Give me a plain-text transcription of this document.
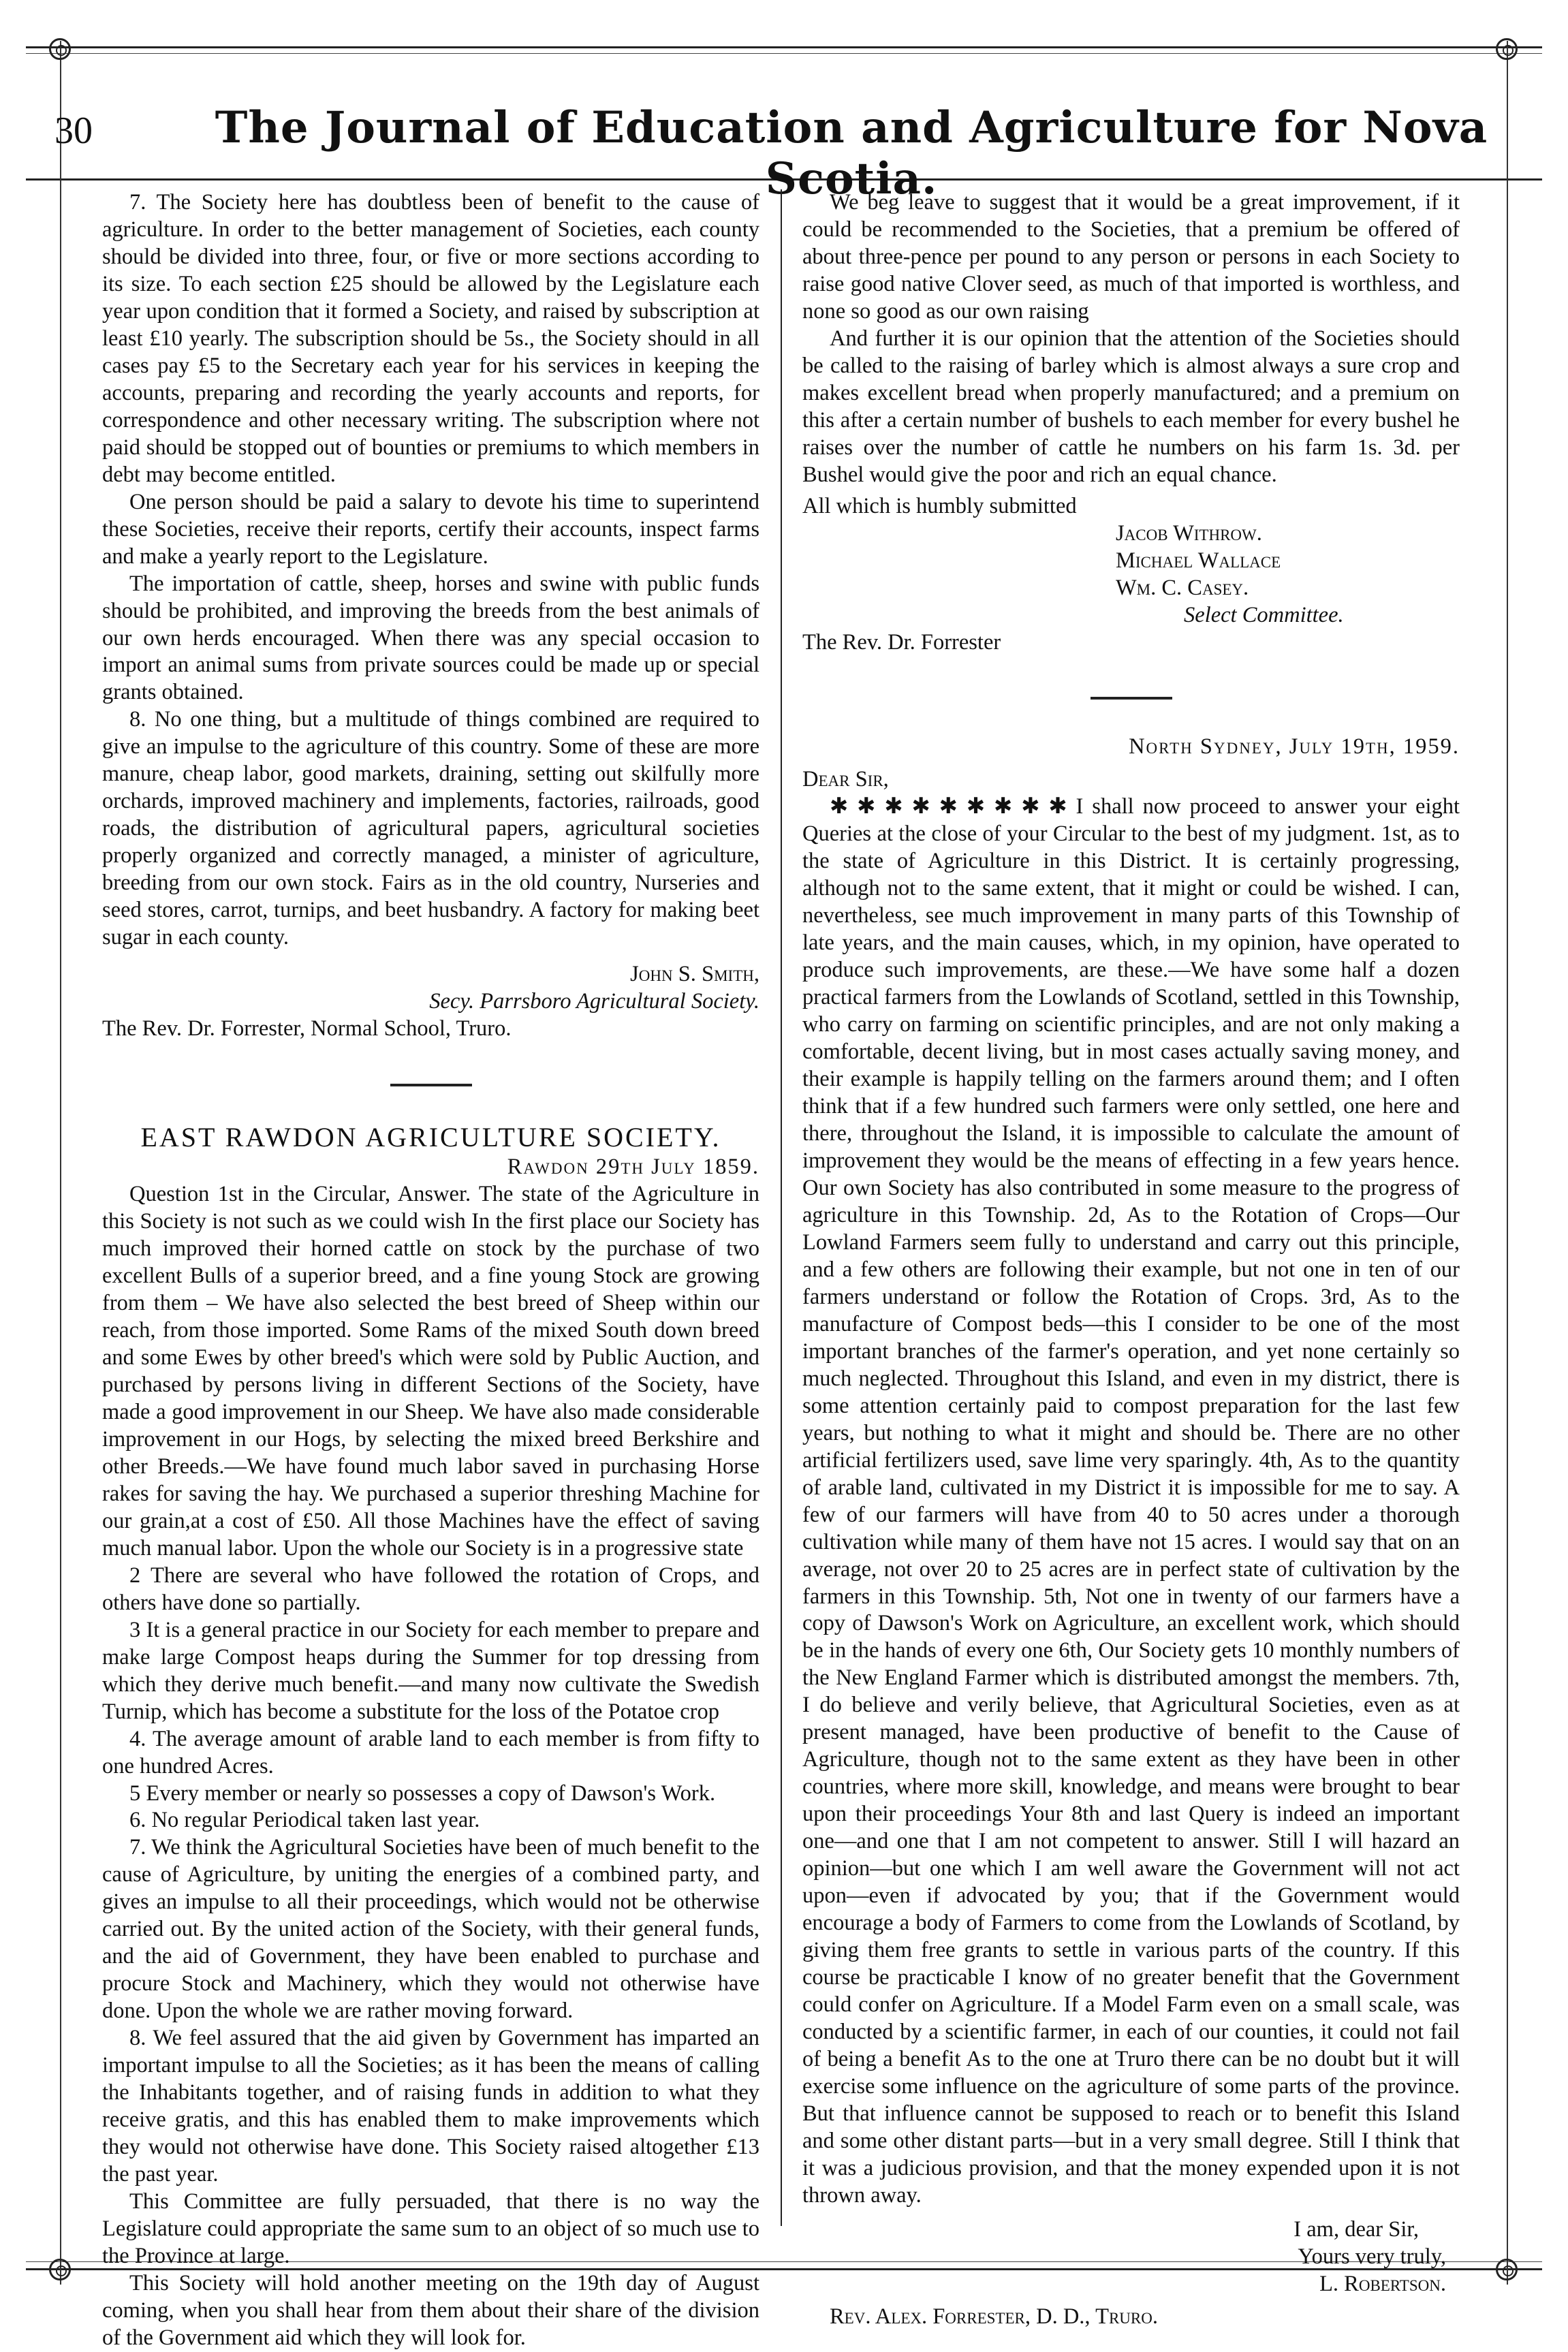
30	The Journal of Education and Agriculture for Nova Scotia.

7. The Society here has doubtless been of benefit to the cause of agriculture. In order to the better management of Societies, each county should be divided into three, four, or five or more sections according to its size. To each section £25 should be allowed by the Legislature each year upon condition that it formed a Society, and raised by subscription at least £10 yearly. The subscription should be 5s., the Society should in all cases pay £5 to the Secretary each year for his services in keeping the accounts, preparing and recording the yearly accounts and reports, for correspondence and other necessary writing. The subscription where not paid should be stopped out of bounties or premiums to which members in debt may become entitled.

One person should be paid a salary to devote his time to superintend these Societies, receive their reports, certify their accounts, inspect farms and make a yearly report to the Legislature.

The importation of cattle, sheep, horses and swine with public funds should be prohibited, and improving the breeds from the best animals of our own herds encouraged. When there was any special occasion to import an animal sums from private sources could be made up or special grants obtained.

8. No one thing, but a multitude of things combined are required to give an impulse to the agriculture of this country. Some of these are more manure, cheap labor, good markets, draining, setting out skilfully more orchards, improved machinery and implements, factories, railroads, good roads, the distribution of agricultural papers, agricultural societies properly organized and correctly managed, a minister of agriculture, breeding from our own stock. Fairs as in the old country, Nurseries and seed stores, carrot, turnips, and beet husbandry. A factory for making beet sugar in each county.

John S. Smith,

Secy. Parrsboro Agricultural Society.

The Rev. Dr. Forrester, Normal School, Truro.

EAST RAWDON AGRICULTURE SOCIETY.

Rawdon 29th July 1859.

Question 1st in the Circular, Answer. The state of the Agriculture in this Society is not such as we could wish In the first place our Society has much improved their horned cattle on stock by the purchase of two excellent Bulls of a superior breed, and a fine young Stock are growing from them – We have also selected the best breed of Sheep within our reach, from those imported. Some Rams of the mixed South down breed and some Ewes by other breed's which were sold by Public Auction, and purchased by persons living in different Sections of the Society, have made a good improvement in our Sheep. We have also made considerable improvement in our Hogs, by selecting the mixed breed Berkshire and other Breeds.—We have found much labor saved in purchasing Horse rakes for saving the hay. We purchased a superior threshing Machine for our grain,at a cost of £50. All those Machines have the effect of saving much manual labor. Upon the whole our Society is in a progressive state

2 There are several who have followed the rotation of Crops, and others have done so partially.

3 It is a general practice in our Society for each member to prepare and make large Compost heaps during the Summer for top dressing from which they derive much benefit.—and many now cultivate the Swedish Turnip, which has become a substitute for the loss of the Potatoe crop

4. The average amount of arable land to each member is from fifty to one hundred Acres.

5 Every member or nearly so possesses a copy of Dawson's Work.

6. No regular Periodical taken last year.

7. We think the Agricultural Societies have been of much benefit to the cause of Agriculture, by uniting the energies of a combined party, and gives an impulse to all their proceedings, which would not be otherwise carried out. By the united action of the Society, with their general funds, and the aid of Government, they have been enabled to purchase and procure Stock and Machinery, which they would not otherwise have done. Upon the whole we are rather moving forward.

8. We feel assured that the aid given by Government has imparted an important impulse to all the Societies; as it has been the means of calling the Inhabitants together, and of raising funds in addition to what they receive gratis, and this has enabled them to make improvements which they would not otherwise have done. This Society raised altogether £13 the past year.

This Committee are fully persuaded, that there is no way the Legislature could appropriate the same sum to an object of so much use to the Province at large.

This Society will hold another meeting on the 19th day of August coming, when you shall hear from them about their share of the division of the Government aid which they will look for.

We beg leave to suggest that it would be a great improvement, if it could be recommended to the Societies, that a premium be offered of about three-pence per pound to any person or persons in each Society to raise good native Clover seed, as much of that imported is worthless, and none so good as our own raising

And further it is our opinion that the attention of the Societies should be called to the raising of barley which is almost always a sure crop and makes excellent bread when properly manufactured; and a premium on this after a certain number of bushels to each member for every bushel he raises over the number of cattle he numbers on his farm 1s. 3d. per Bushel would give the poor and rich an equal chance.

All which is humbly submitted

Jacob Withrow.

Michael Wallace

Wm. C. Casey.

Select Committee.

The Rev. Dr. Forrester

North Sydney, July 19th, 1959.

Dear Sir,

✱ ✱ ✱ ✱ ✱ ✱ ✱ ✱ ✱ I shall now proceed to answer your eight Queries at the close of your Circular to the best of my judgment. 1st, as to the state of Agriculture in this District. It is certainly progressing, although not to the same extent, that it might or could be wished. I can, nevertheless, see much improvement in many parts of this Township of late years, and the main causes, which, in my opinion, have operated to produce such improvements, are these.—We have some half a dozen practical farmers from the Lowlands of Scotland, settled in this Township, who carry on farming on scientific principles, and are not only making a comfortable, decent living, but in most cases actually saving money, and their example is happily telling on the farmers around them; and I often think that if a few hundred such farmers were only settled, one here and there, throughout the Island, it is impossible to calculate the amount of improvement they would be the means of effecting in a few years hence. Our own Society has also contributed in some measure to the progress of agriculture in this Township. 2d, As to the Rotation of Crops—Our Lowland Farmers seem fully to understand and carry out this principle, and a few others are following their example, but not one in ten of our farmers understand or follow the Rotation of Crops. 3rd, As to the manufacture of Compost beds—this I consider to be one of the most important branches of the farmer's operation, and yet none certainly so much neglected. Throughout this Island, and even in my district, there is some attention certainly paid to compost preparation for the last few years, but nothing to what it might and should be. There are no other artificial fertilizers used, save lime very sparingly. 4th, As to the quantity of arable land, cultivated in my District it is impossible for me to say. A few of our farmers will have from 40 to 50 acres under a thorough cultivation while many of them have not 15 acres. I would say that on an average, not over 20 to 25 acres are in perfect state of cultivation by the farmers in this Township. 5th, Not one in twenty of our farmers have a copy of Dawson's Work on Agriculture, an excellent work, which should be in the hands of every one 6th, Our Society gets 10 monthly numbers of the New England Farmer which is distributed amongst the members. 7th, I do believe and verily believe, that Agricultural Societies, even as at present managed, have been productive of benefit to the Cause of Agriculture, though not to the same extent as they have been in other countries, where more skill, knowledge, and means were brought to bear upon their proceedings Your 8th and last Query is indeed an important one—and one that I am not competent to answer. Still I will hazard an opinion—but one which I am well aware the Government will not act upon—even if advocated by you; that if the Government would encourage a body of Farmers to come from the Lowlands of Scotland, by giving them free grants to settle in various parts of the country. If this course be practicable I know of no greater benefit that the Government could confer on Agriculture. If a Model Farm even on a small scale, was conducted by a scientific farmer, in each of our counties, it could not fail of being a benefit As to the one at Truro there can be no doubt but it will exercise some influence on the agriculture of some parts of the province. But that influence cannot be supposed to reach or to benefit this Island and some other distant parts—but in a very small degree. Still I think that it was a judicious provision, and that the money expended upon it is not thrown away.

I am, dear Sir,

Yours very truly,

L. Robertson.

Rev. Alex. Forrester, D. D., Truro.
